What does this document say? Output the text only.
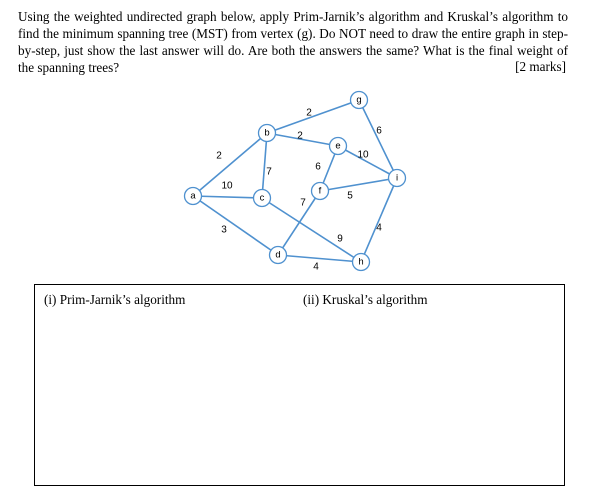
Using the weighted undirected graph below, apply Prim-Jarnik’s algorithm and Kruskal’s algorithm to find the minimum spanning tree (MST) from vertex (g). Do NOT need to draw the entire graph in step-by-step, just show the last answer will do. Are both the answers the same? What is the final weight of the spanning trees?	[2 marks]
2
10
3
7
2
2
6
10
6
5
7
9
4
4
a
b
c
d
e
f
g
h
i
(i) Prim-Jarnik’s algorithm	(ii) Kruskal’s algorithm
